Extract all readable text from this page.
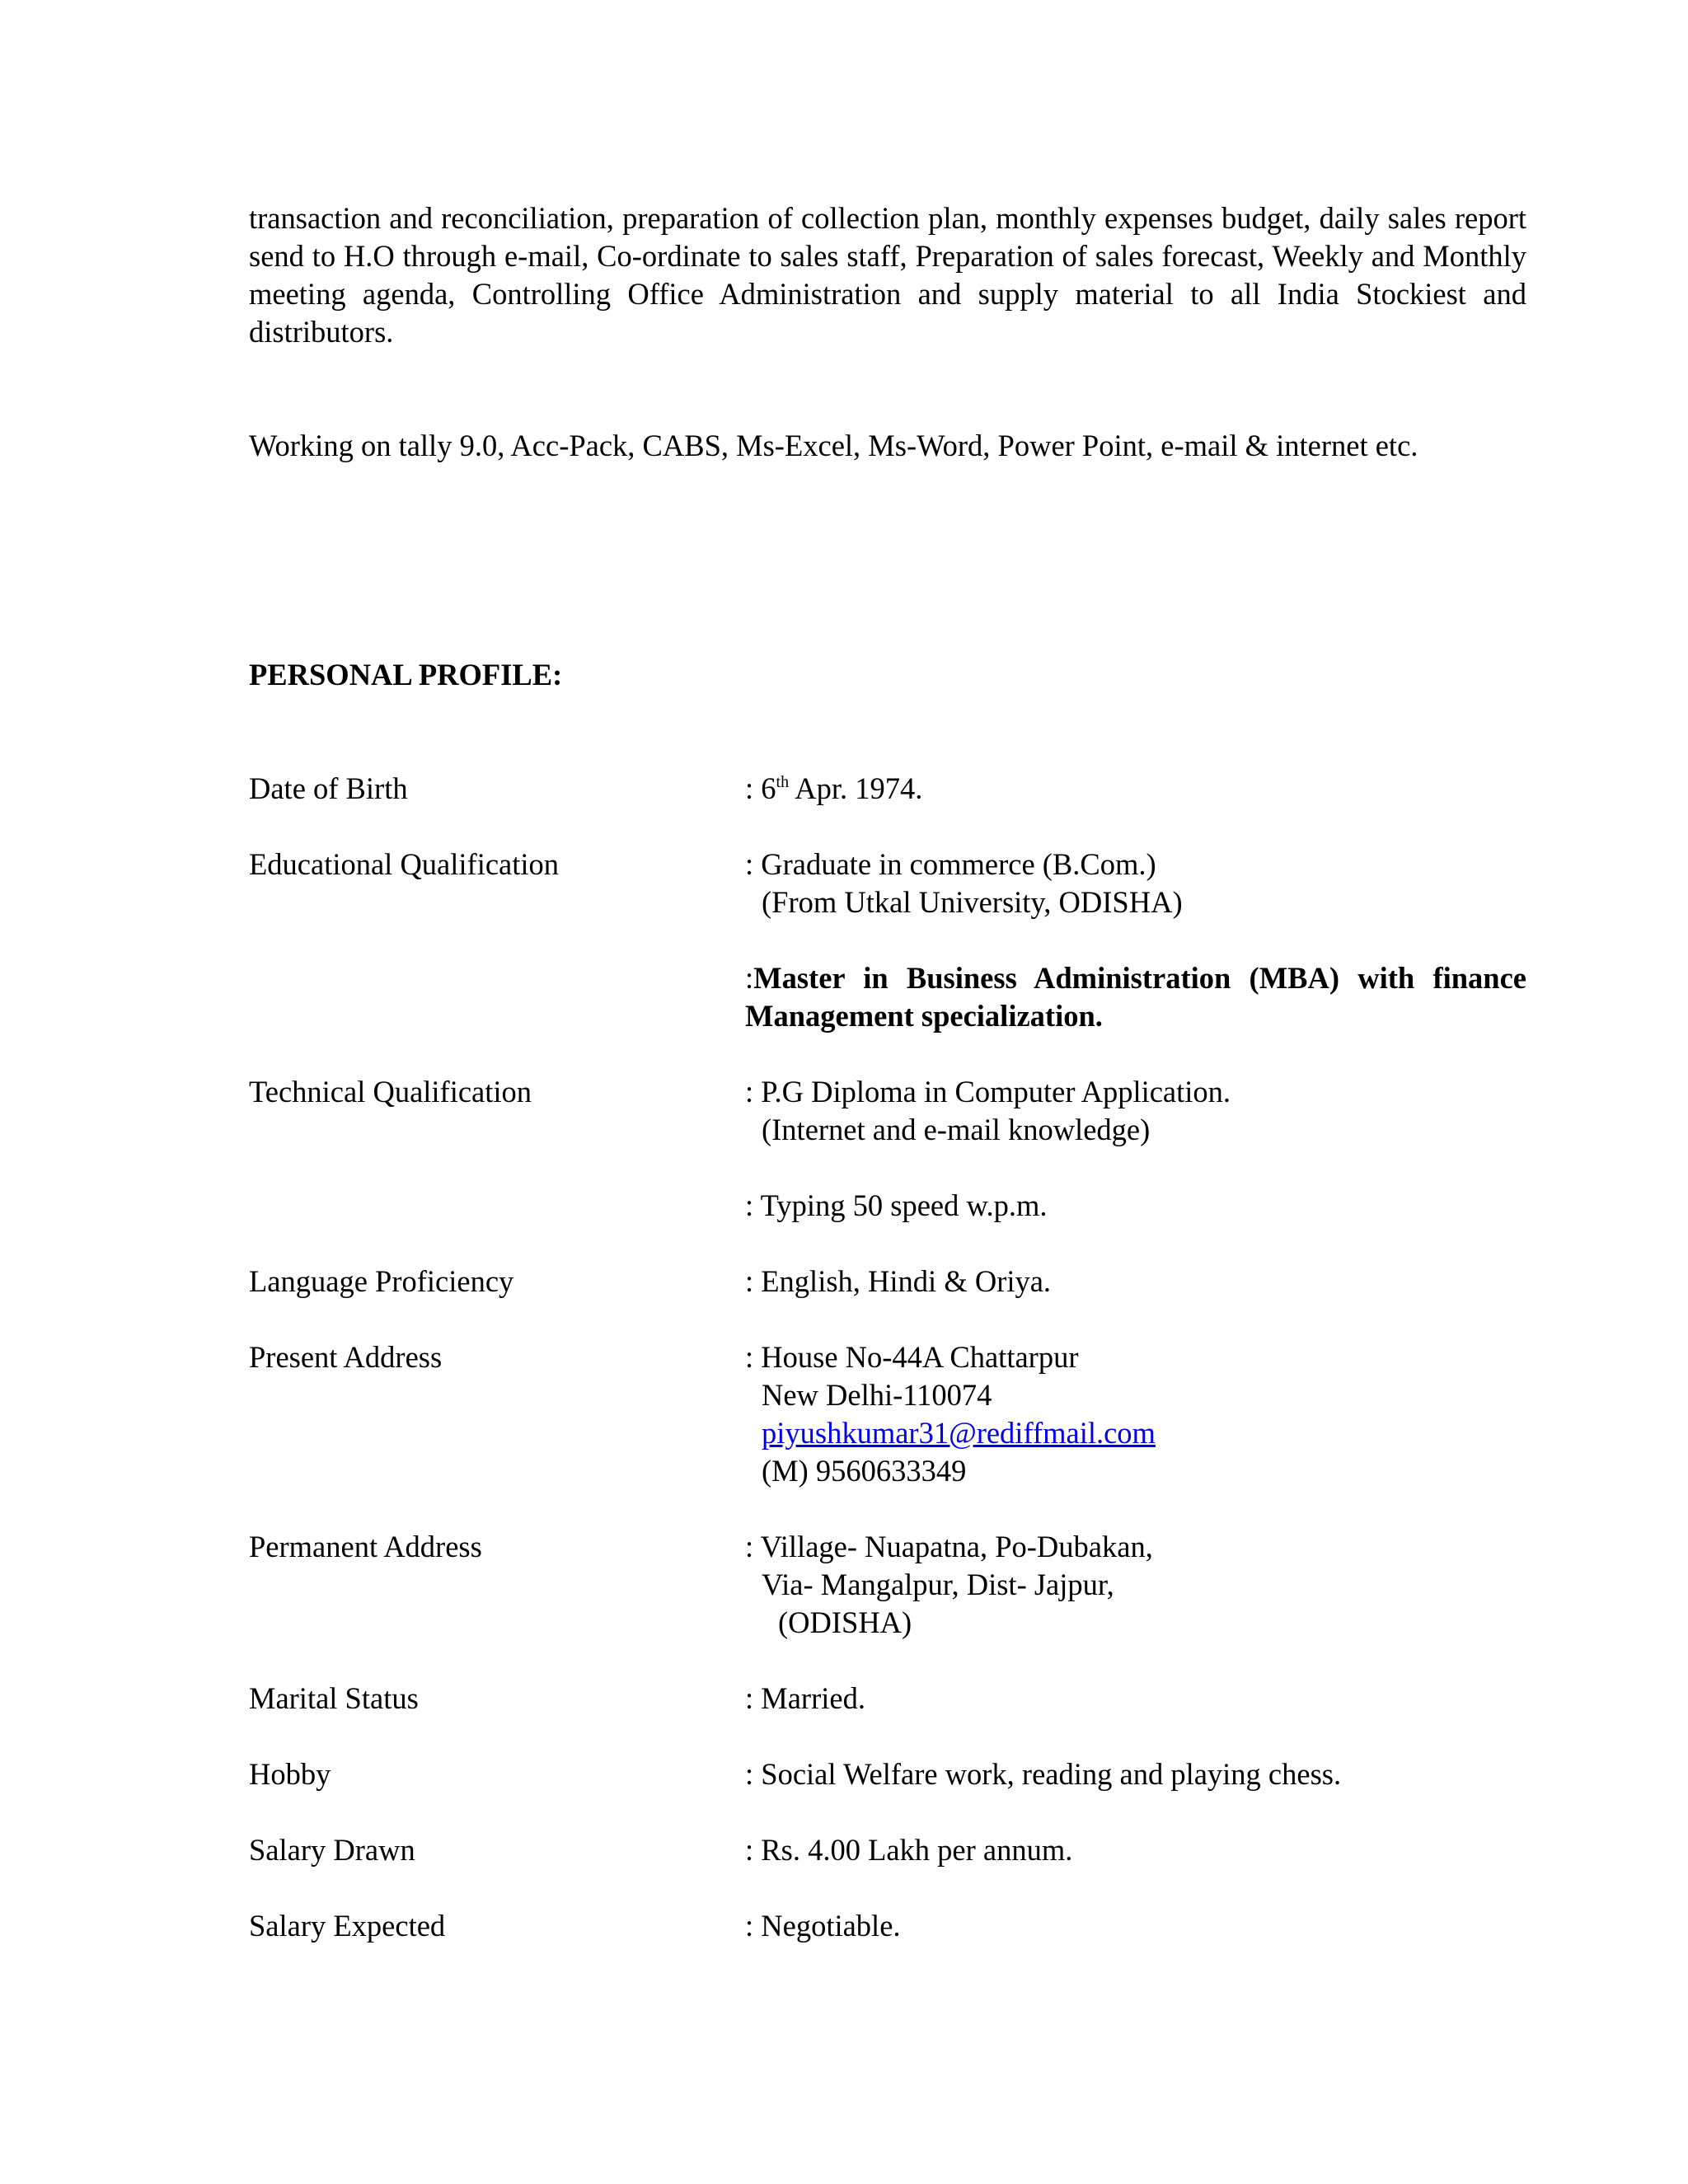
transaction and reconciliation, preparation of collection plan, monthly expenses budget, daily sales report send to H.O through e-mail, Co-ordinate to sales staff, Preparation of sales forecast, Weekly and Monthly meeting agenda, Controlling Office Administration and supply material to all India Stockiest and distributors.

Working on tally 9.0, Acc-Pack, CABS, Ms-Excel, Ms-Word, Power Point, e-mail & internet etc.

PERSONAL PROFILE:

Date of Birth	: 6th Apr. 1974.
Educational Qualification	: Graduate in commerce (B.Com.)
(From Utkal University, ODISHA)
:Master in Business Administration (MBA) with finance Management specialization.
Technical Qualification	: P.G Diploma in Computer Application.
(Internet and e-mail knowledge)
: Typing 50 speed w.p.m.
Language Proficiency	: English, Hindi & Oriya.
Present Address	: House No-44A Chattarpur
New Delhi-110074
piyushkumar31@rediffmail.com
(M) 9560633349
Permanent Address	: Village- Nuapatna, Po-Dubakan,
Via- Mangalpur, Dist- Jajpur,
(ODISHA)
Marital Status	: Married.
Hobby	: Social Welfare work, reading and playing chess.
Salary Drawn	: Rs. 4.00 Lakh per annum.
Salary Expected	: Negotiable.
